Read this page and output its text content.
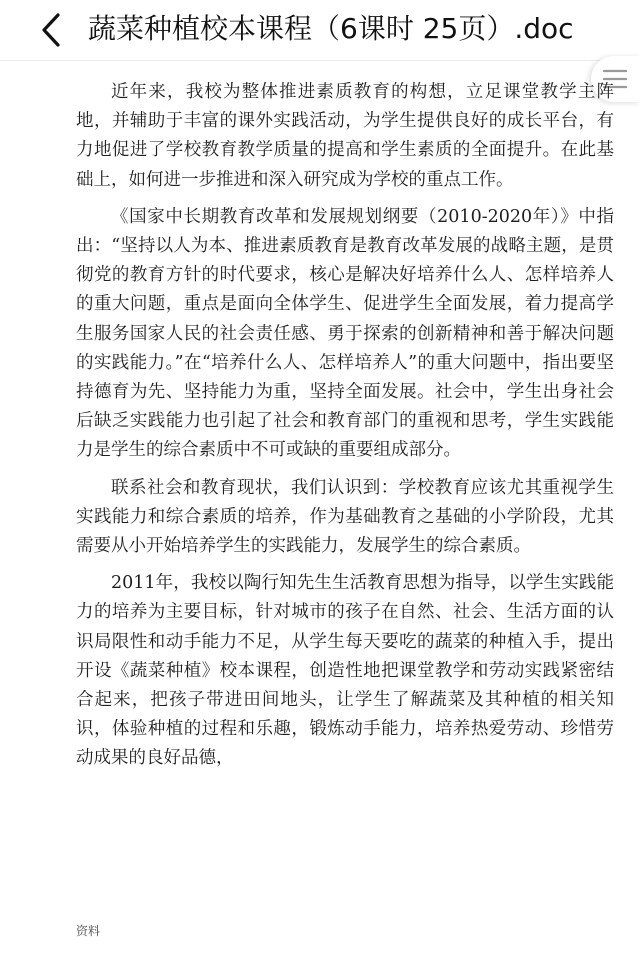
蔬菜种植校本课程（6课时 25页）.doc

近年来，我校为整体推进素质教育的构想，立足课堂教学主阵地，并辅助于丰富的课外实践活动，为学生提供良好的成长平台，有力地促进了学校教育教学质量的提高和学生素质的全面提升。在此基础上，如何进一步推进和深入研究成为学校的重点工作。

《国家中长期教育改革和发展规划纲要（2010-2020年）》中指出：“坚持以人为本、推进素质教育是教育改革发展的战略主题，是贯彻党的教育方针的时代要求，核心是解决好培养什么人、怎样培养人的重大问题，重点是面向全体学生、促进学生全面发展，着力提高学生服务国家人民的社会责任感、勇于探索的创新精神和善于解决问题的实践能力。”在“培养什么人、怎样培养人”的重大问题中，指出要坚持德育为先、坚持能力为重，坚持全面发展。社会中，学生出身社会后缺乏实践能力也引起了社会和教育部门的重视和思考，学生实践能力是学生的综合素质中不可或缺的重要组成部分。

联系社会和教育现状，我们认识到：学校教育应该尤其重视学生实践能力和综合素质的培养，作为基础教育之基础的小学阶段，尤其需要从小开始培养学生的实践能力，发展学生的综合素质。

2011年，我校以陶行知先生生活教育思想为指导，以学生实践能力的培养为主要目标，针对城市的孩子在自然、社会、生活方面的认识局限性和动手能力不足，从学生每天要吃的蔬菜的种植入手，提出开设《蔬菜种植》校本课程，创造性地把课堂教学和劳动实践紧密结合起来，把孩子带进田间地头，让学生了解蔬菜及其种植的相关知识，体验种植的过程和乐趣，锻炼动手能力，培养热爱劳动、珍惜劳动成果的良好品德，

资料
